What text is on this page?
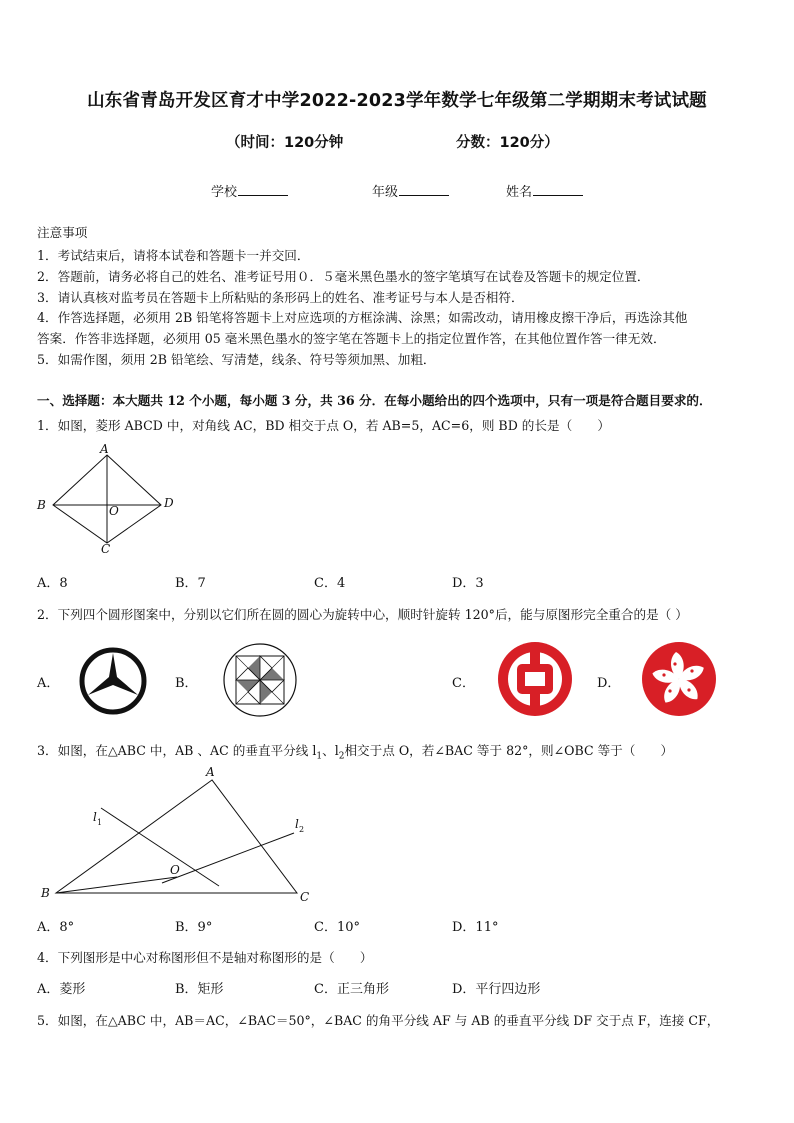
山东省青岛开发区育才中学2022-2023学年数学七年级第二学期期末考试试题
（时间：120分钟	分数：120分）
学校	年级	姓名
注意事项
1．考试结束后，请将本试卷和答题卡一并交回．
2．答题前，请务必将自己的姓名、准考证号用０．５毫米黑色墨水的签字笔填写在试卷及答题卡的规定位置．
3．请认真核对监考员在答题卡上所粘贴的条形码上的姓名、准考证号与本人是否相符．
4．作答选择题，必须用 2B 铅笔将答题卡上对应选项的方框涂满、涂黑；如需改动，请用橡皮擦干净后，再选涂其他
答案．作答非选择题，必须用 05 毫米黑色墨水的签字笔在答题卡上的指定位置作答，在其他位置作答一律无效．
5．如需作图，须用 2B 铅笔绘、写清楚，线条、符号等须加黑、加粗．
一、选择题：本大题共 12 个小题，每小题 3 分，共 36 分．在每小题给出的四个选项中，只有一项是符合题目要求的．
1．如图，菱形 ABCD 中，对角线 AC，BD 相交于点 O，若 AB=5，AC=6，则 BD 的长是（　　）
A
B
C
D
O
A．8	B．7	C．4	D．3
2．下列四个圆形图案中，分别以它们所在圆的圆心为旋转中心，顺时针旋转 120°后，能与原图形完全重合的是（ ）
A．	B．	C．	D．
3．如图，在△ABC 中，AB 、AC 的垂直平分线 $l_1$、$l_2$相交于点 O，若∠BAC 等于 82°，则∠OBC 等于（　　）
A
B	C
O
l 1	l 2
A．8°	B．9°	C．10°	D．11°
4．下列图形是中心对称图形但不是轴对称图形的是（　　）
A．菱形	B．矩形	C．正三角形	D．平行四边形
5．如图，在△ABC 中，AB＝AC，∠BAC＝50°，∠BAC 的角平分线 AF 与 AB 的垂直平分线 DF 交于点 F，连接 CF，
